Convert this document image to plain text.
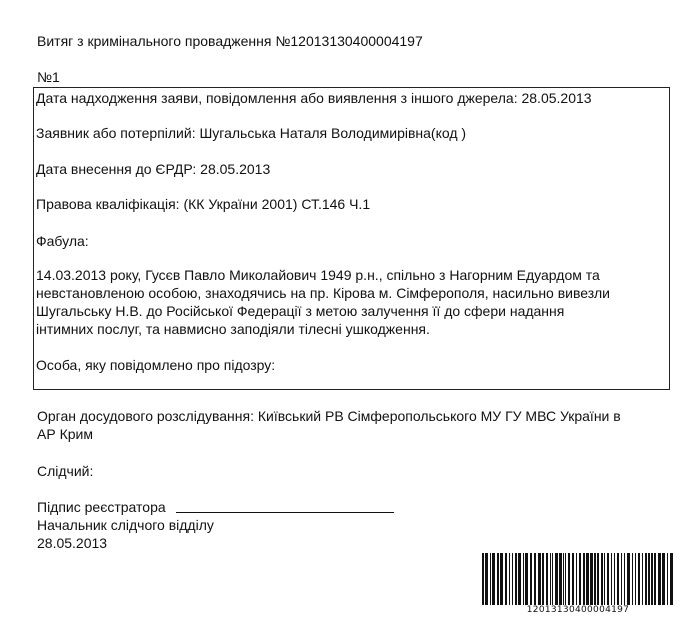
Витяг з кримінального провадження №12013130400004197
№1
Дата надходження заяви, повідомлення або виявлення з іншого джерела: 28.05.2013
Заявник або потерпілий: Шугальська Наталя Володимирівна(код )
Дата внесення до ЄРДР: 28.05.2013
Правова кваліфікація: (КК України 2001) СТ.146 Ч.1
Фабула:
14.03.2013 року, Гусєв Павло Миколайович 1949 р.н., спільно з Нагорним Едуардом та
невстановленою особою, знаходячись на пр. Кірова м. Сімферополя, насильно вивезли
Шугальську Н.В. до Російської Федерації з метою залучення її до сфери надання
інтимних послуг, та навмисно заподіяли тілесні ушкодження.
Особа, яку повідомлено про підозру:
Орган досудового розслідування: Київський РВ Сімферопольського МУ ГУ МВС України в
АР Крим
Слідчий:
Підпис реєстратора
Начальник слідчого відділу
28.05.2013
12013130400004197
